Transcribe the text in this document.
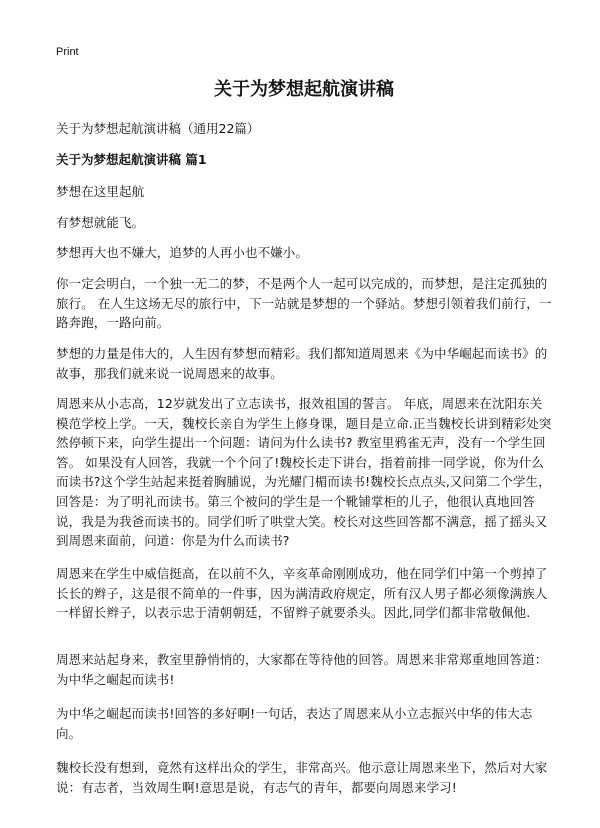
Print
关于为梦想起航演讲稿

关于为梦想起航演讲稿（通用22篇）

关于为梦想起航演讲稿 篇1

梦想在这里起航

有梦想就能飞。

梦想再大也不嫌大，追梦的人再小也不嫌小。

你一定会明白，一个独一无二的梦，不是两个人一起可以完成的，而梦想，是注定孤独的旅行。 在人生这场无尽的旅行中，下一站就是梦想的一个驿站。梦想引领着我们前行，一路奔跑，一路向前。

梦想的力量是伟大的，人生因有梦想而精彩。我们都知道周恩来《为中华崛起而读书》的故事，那我们就来说一说周恩来的故事。

周恩来从小志高，12岁就发出了立志读书，报效祖国的誓言。 年底，周恩来在沈阳东关模范学校上学。一天，魏校长亲自为学生上修身课，题目是立命.正当魏校长讲到精彩处突然停顿下来，向学生提出一个问题：请问为什么读书? 教室里鸦雀无声，没有一个学生回答。 如果没有人回答，我就一个个问了!魏校长走下讲台，指着前排一同学说，你为什么而读书?这个学生站起来挺着胸脯说，为光耀门楣而读书!魏校长点点头,又问第二个学生，回答是：为了明礼而读书。第三个被问的学生是一个靴铺掌柜的儿子，他很认真地回答说，我是为我爸而读书的。同学们听了哄堂大笑。校长对这些回答都不满意，摇了摇头又到周恩来面前，问道：你是为什么而读书?

周恩来在学生中威信挺高，在以前不久，辛亥革命刚刚成功，他在同学们中第一个剪掉了长长的辫子，这是很不简单的一件事，因为满清政府规定，所有汉人男子都必须像满族人一样留长辫子，以表示忠于清朝朝廷，不留辫子就要杀头。因此,同学们都非常敬佩他.

周恩来站起身来，教室里静悄悄的，大家都在等待他的回答。周恩来非常郑重地回答道：为中华之崛起而读书!

为中华之崛起而读书!回答的多好啊!一句话，表达了周恩来从小立志振兴中华的伟大志向。

魏校长没有想到，竟然有这样出众的学生，非常高兴。他示意让周恩来坐下，然后对大家说：有志者，当效周生啊!意思是说，有志气的青年，都要向周恩来学习!
